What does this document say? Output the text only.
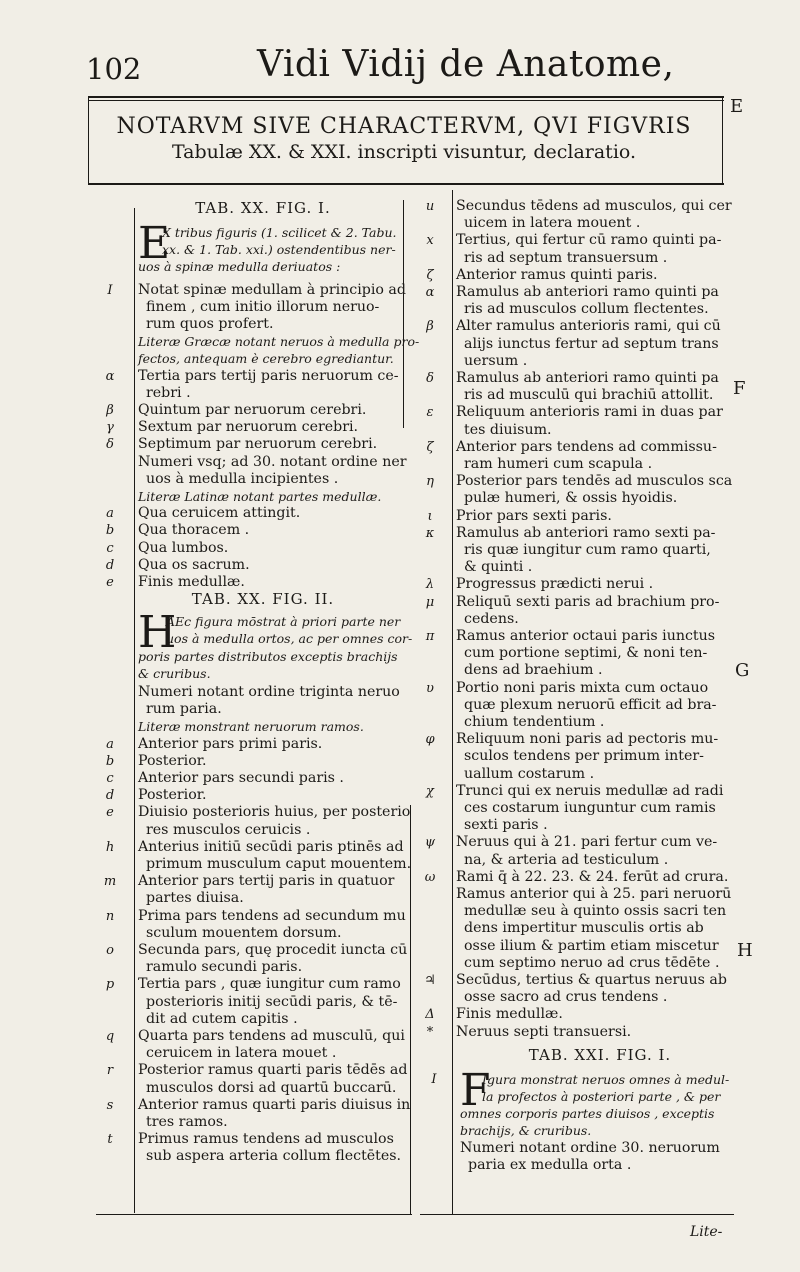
102	Vidi Vidij de Anatome,
NOTARVM SIVE CHARACTERVM, QVI FIGVRIS
Tabulæ XX. & XXI. inscripti visuntur, declaratio.
E
F
G
H
TAB. XX. FIG. I.
E
X tribus figuris (1. scilicet & 2. Tabu.
xx. & 1. Tab. xxi.) ostendentibus ner-
uos à spinæ medulla deriuatos :
I	Notat spinæ medullam à principio ad
finem , cum initio illorum neruo-
rum quos profert.
Literæ Græcæ notant neruos à medulla pro-
fectos, antequam è cerebro egrediantur.
α	Tertia pars tertij paris neruorum ce-
rebri .
β	Quintum par neruorum cerebri.
γ	Sextum par neruorum cerebri.
δ	Septimum par neruorum cerebri.
Numeri vsq; ad 30. notant ordine ner
uos à medulla incipientes .
Literæ Latinæ notant partes medullæ.
a	Qua ceruicem attingit.
b	Qua thoracem .
c	Qua lumbos.
d	Qua os sacrum.
e	Finis medullæ.
TAB. XX. FIG. II.
H
AEc figura mōstrat à priori parte ner
uos à medulla ortos, ac per omnes cor-
poris partes distributos exceptis brachijs
& cruribus.
Numeri notant ordine triginta neruo
rum paria.
Literæ monstrant neruorum ramos.
a	Anterior pars primi paris.
b	Posterior.
c	Anterior pars secundi paris .
d	Posterior.
e	Diuisio posterioris huius, per posterio
res musculos ceruicis .
h	Anterius initiū secūdi paris ptinēs ad
primum musculum caput mouentem.
m	Anterior pars tertij paris in quatuor
partes diuisa.
n	Prima pars tendens ad secundum mu
sculum mouentem dorsum.
o	Secunda pars, quę procedit iuncta cū
ramulo secundi paris.
p	Tertia pars , quæ iungitur cum ramo
posterioris initij secūdi paris, & tē-
dit ad cutem capitis .
q	Quarta pars tendens ad musculū, qui
ceruicem in latera mouet .
r	Posterior ramus quarti paris tēdēs ad
musculos dorsi ad quartū buccarū.
s	Anterior ramus quarti paris diuisus in
tres ramos.
t	Primus ramus tendens ad musculos
sub aspera arteria collum flectētes.
u	Secundus tēdens ad musculos, qui cer
uicem in latera mouent .
x	Tertius, qui fertur cū ramo quinti pa-
ris ad septum transuersum .
ζ	Anterior ramus quinti paris.
α	Ramulus ab anteriori ramo quinti pa
ris ad musculos collum flectentes.
β	Alter ramulus anterioris rami, qui cū
alijs iunctus fertur ad septum trans
uersum .
δ	Ramulus ab anteriori ramo quinti pa
ris ad musculū qui brachiū attollit.
ε	Reliquum anterioris rami in duas par
tes diuisum.
ζ	Anterior pars tendens ad commissu-
ram humeri cum scapula .
η	Posterior pars tendēs ad musculos sca
pulæ humeri, & ossis hyoidis.
ι	Prior pars sexti paris.
κ	Ramulus ab anteriori ramo sexti pa-
ris quæ iungitur cum ramo quarti,
& quinti .
λ	Progressus prædicti nerui .
μ	Reliquū sexti paris ad brachium pro-
cedens.
π	Ramus anterior octaui paris iunctus
cum portione septimi, & noni ten-
dens ad braehium .
υ	Portio noni paris mixta cum octauo
quæ plexum neruorū efficit ad bra-
chium tendentium .
φ	Reliquum noni paris ad pectoris mu-
sculos tendens per primum inter-
uallum costarum .
χ	Trunci qui ex neruis medullæ ad radi
ces costarum iunguntur cum ramis
sexti paris .
ψ	Neruus qui à 21. pari fertur cum ve-
na, & arteria ad testiculum .
ω	Rami q̄ à 22. 23. & 24. ferūt ad crura.
Ramus anterior qui à 25. pari neruorū
medullæ seu à quinto ossis sacri ten
dens impertitur musculis ortis ab
osse ilium & partim etiam miscetur
cum septimo neruo ad crus tēdēte .
♃	Secūdus, tertius & quartus neruus ab
osse sacro ad crus tendens .
Δ	Finis medullæ.
*	Neruus septi transuersi.
TAB. XXI. FIG. I.
I F
Igura monstrat neruos omnes à medul-
la profectos à posteriori parte , & per
omnes corporis partes diuisos , exceptis
brachijs, & cruribus.
Numeri notant ordine 30. neruorum
paria ex medulla orta .
Lite-
